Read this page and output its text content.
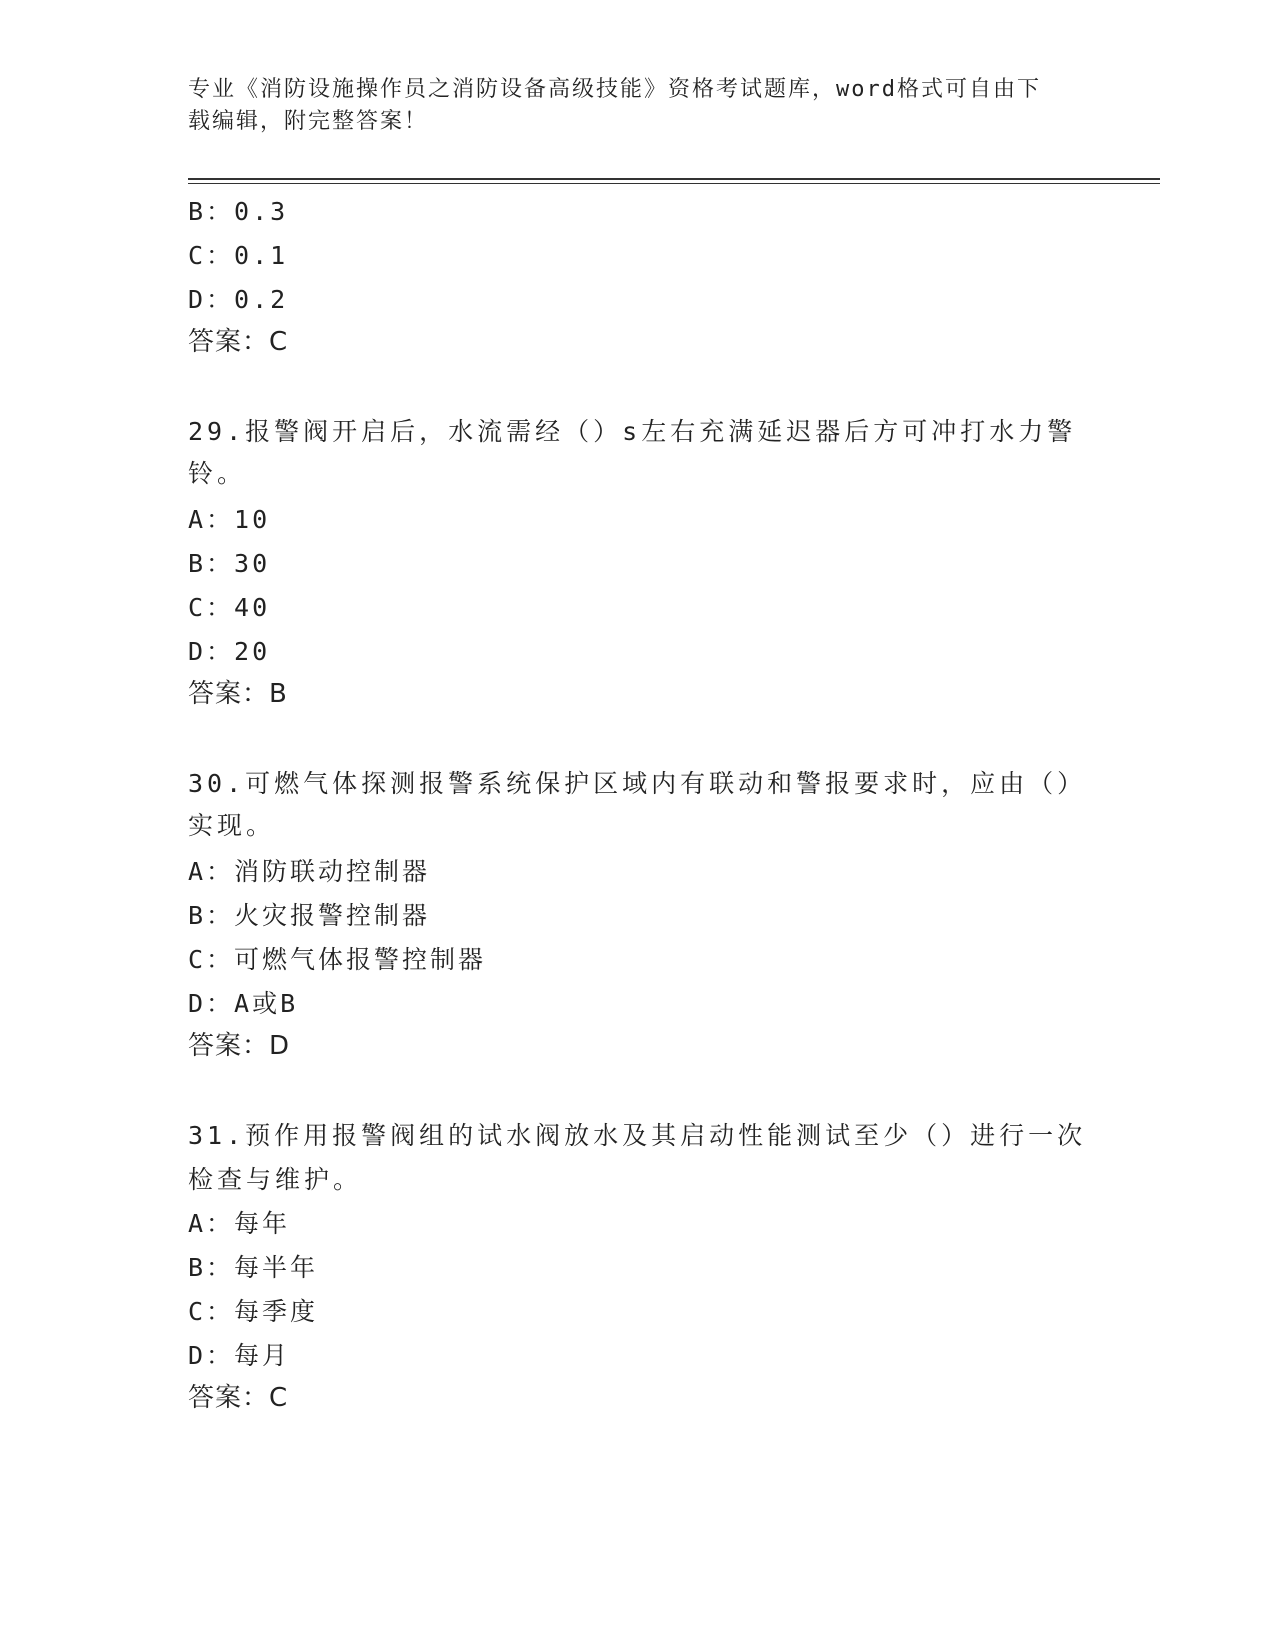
专业《消防设施操作员之消防设备高级技能》资格考试题库，word格式可自由下
载编辑，附完整答案！
B：0.3
C：0.1
D：0.2
答案：C
29.报警阀开启后，水流需经（）s左右充满延迟器后方可冲打水力警
铃。
A：10
B：30
C：40
D：20
答案：B
30.可燃气体探测报警系统保护区域内有联动和警报要求时，应由（）
实现。
A：消防联动控制器
B：火灾报警控制器
C：可燃气体报警控制器
D：A或B
答案：D
31.预作用报警阀组的试水阀放水及其启动性能测试至少（）进行一次
检查与维护。
A：每年
B：每半年
C：每季度
D：每月
答案：C
